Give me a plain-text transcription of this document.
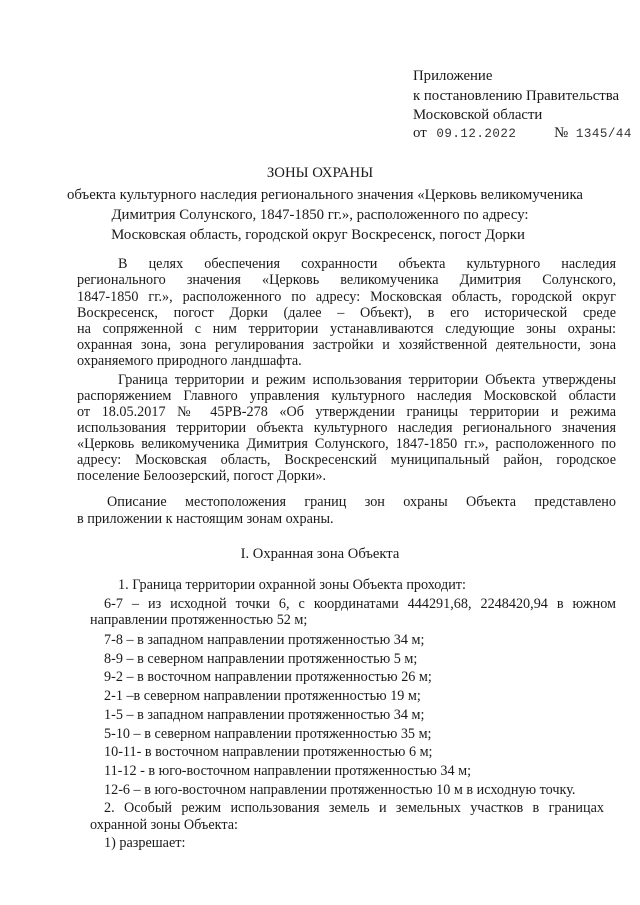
Приложение
к постановлению Правительства
Московской области
от 09.12.2022	№ 1345/44
ЗОНЫ ОХРАНЫ
объекта культурного наследия регионального значения «Церковь великомученика
Димитрия Солунского, 1847-1850 гг.», расположенного по адресу:
Московская область, городской округ Воскресенск, погост Дорки
В целях обеспечения сохранности объекта культурного наследия
регионального значения «Церковь великомученика Димитрия Солунского,
1847-1850 гг.», расположенного по адресу: Московская область, городской округ
Воскресенск, погост Дорки (далее – Объект), в его исторической среде
на сопряженной с ним территории устанавливаются следующие зоны охраны:
охранная зона, зона регулирования застройки и хозяйственной деятельности, зона
охраняемого природного ландшафта.
Граница территории и режим использования территории Объекта утверждены
распоряжением Главного управления культурного наследия Московской области
от 18.05.2017 № 45РВ-278 «Об утверждении границы территории и режима
использования территории объекта культурного наследия регионального значения
«Церковь великомученика Димитрия Солунского, 1847-1850 гг.», расположенного по
адресу: Московская область, Воскресенский муниципальный район, городское
поселение Белоозерский, погост Дорки».
Описание местоположения границ зон охраны Объекта представлено
в приложении к настоящим зонам охраны.
I. Охранная зона Объекта
1. Граница территории охранной зоны Объекта проходит:
6-7 – из исходной точки 6, с координатами 444291,68, 2248420,94 в южном
направлении протяженностью 52 м;
7-8 – в западном направлении протяженностью 34 м;
8-9 – в северном направлении протяженностью 5 м;
9-2 – в восточном направлении протяженностью 26 м;
2-1 –в северном направлении протяженностью 19 м;
1-5 – в западном направлении протяженностью 34 м;
5-10 – в северном направлении протяженностью 35 м;
10-11- в восточном направлении протяженностью 6 м;
11-12 - в юго-восточном направлении протяженностью 34 м;
12-6 – в юго-восточном направлении протяженностью 10 м в исходную точку.
2. Особый режим использования земель и земельных участков в границах
охранной зоны Объекта:
1) разрешает:
